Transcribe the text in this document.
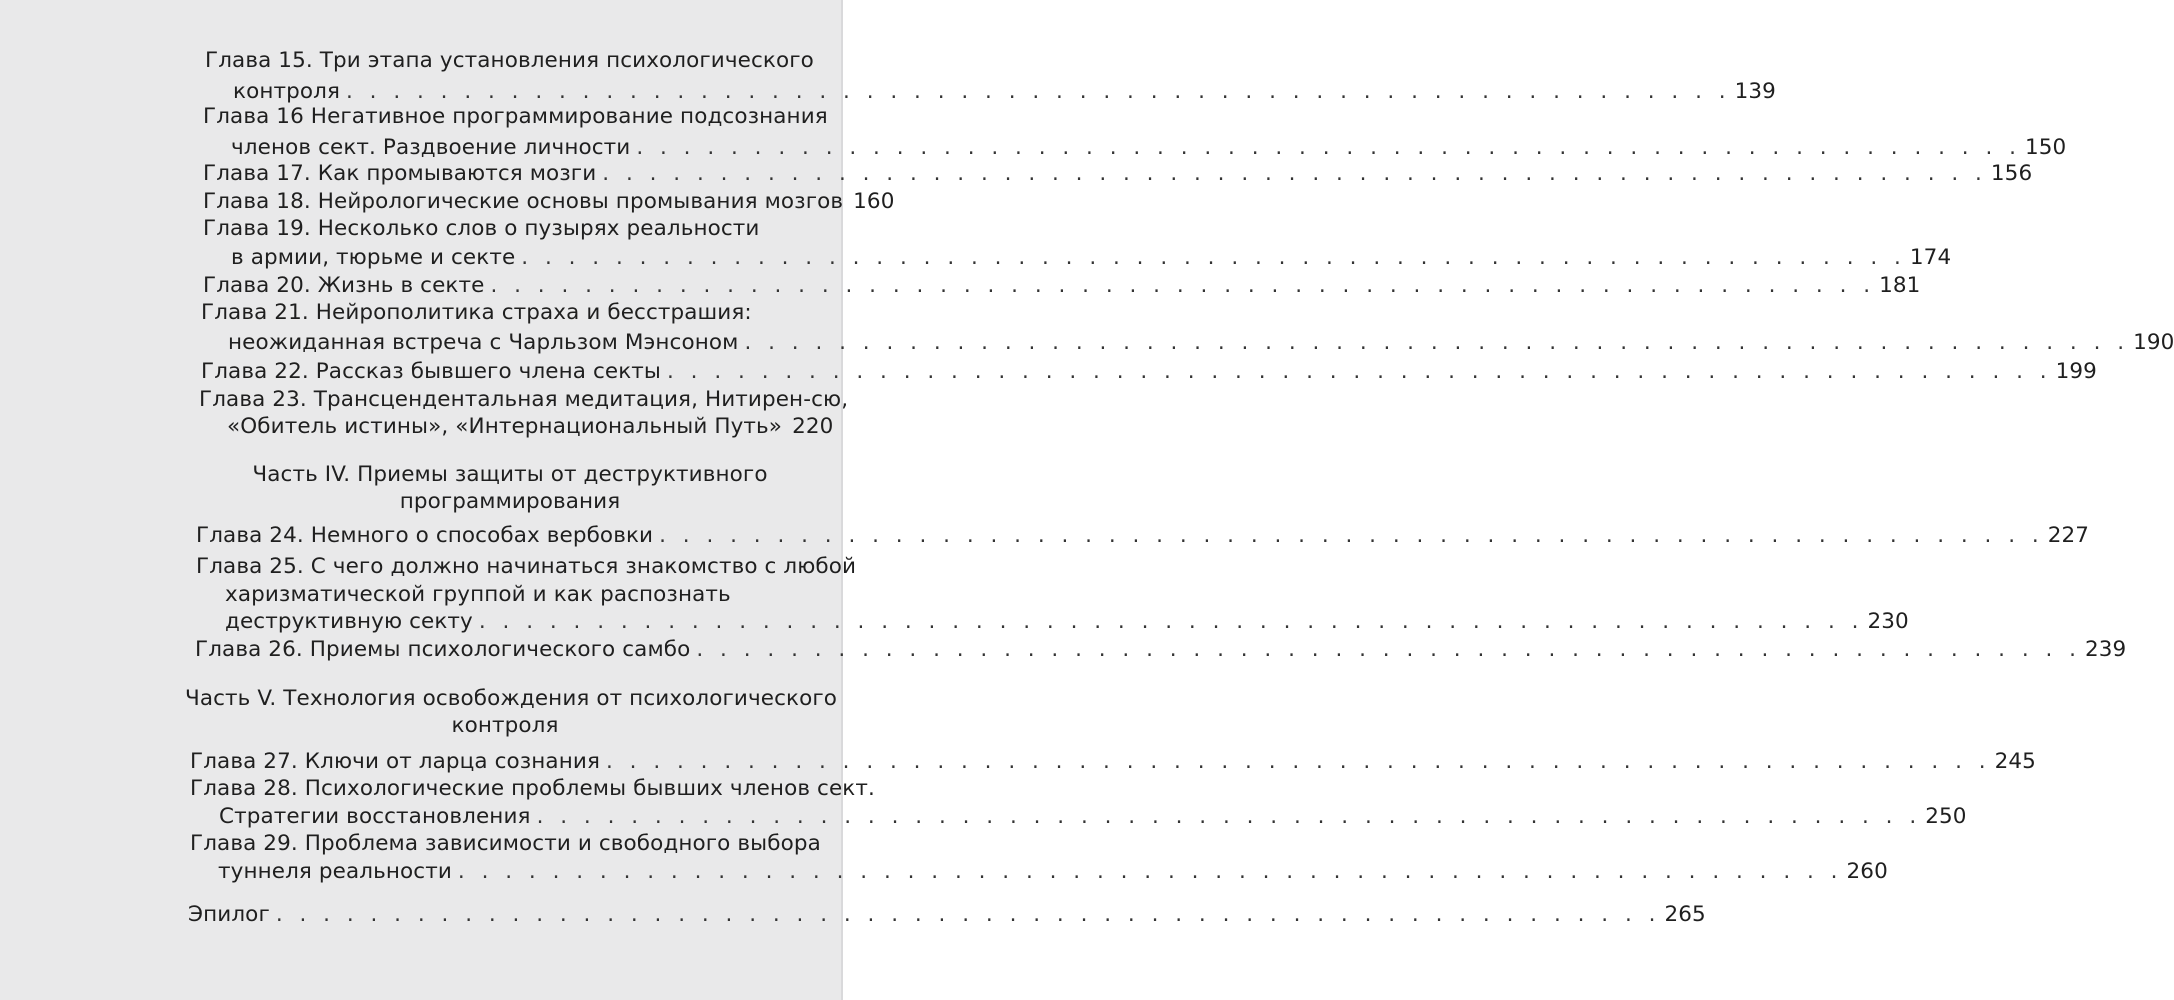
Глава 15. Три этапа установления психологического
контроля . . . . . . . . . . . . . . . . . . . . . . . . . . . . . . . . . . . . . . . . . . . . . . . . . . . . . . . . . . . 139
Глава 16 Негативное программирование подсознания
членов сект. Раздвоение личности . . . . . . . . . . . . . . . . . . . . . . . . . . . . . . . . . . . . . . . . . . . . . . . . . . . . . . . . . . . 150
Глава 17. Как промываются мозги . . . . . . . . . . . . . . . . . . . . . . . . . . . . . . . . . . . . . . . . . . . . . . . . . . . . . . . . . . . 156
Глава 18. Нейрологические основы промывания мозгов 160
Глава 19. Несколько слов о пузырях реальности
в армии, тюрьме и секте . . . . . . . . . . . . . . . . . . . . . . . . . . . . . . . . . . . . . . . . . . . . . . . . . . . . . . . . . . . 174
Глава 20. Жизнь в секте . . . . . . . . . . . . . . . . . . . . . . . . . . . . . . . . . . . . . . . . . . . . . . . . . . . . . . . . . . . 181
Глава 21. Нейрополитика страха и бесстрашия:
неожиданная встреча с Чарльзом Мэнсоном . . . . . . . . . . . . . . . . . . . . . . . . . . . . . . . . . . . . . . . . . . . . . . . . . . . . . . . . . . . 190
Глава 22. Рассказ бывшего члена секты . . . . . . . . . . . . . . . . . . . . . . . . . . . . . . . . . . . . . . . . . . . . . . . . . . . . . . . . . . . 199
Глава 23. Трансцендентальная медитация, Нитирен-сю,
«Обитель истины», «Интернациональный Путь» 220
Часть IV. Приемы защиты от деструктивного
программирования
Глава 24. Немного о способах вербовки . . . . . . . . . . . . . . . . . . . . . . . . . . . . . . . . . . . . . . . . . . . . . . . . . . . . . . . . . . . 227
Глава 25. С чего должно начинаться знакомство с любой
харизматической группой и как распознать
деструктивную секту . . . . . . . . . . . . . . . . . . . . . . . . . . . . . . . . . . . . . . . . . . . . . . . . . . . . . . . . . . . 230
Глава 26. Приемы психологического самбо . . . . . . . . . . . . . . . . . . . . . . . . . . . . . . . . . . . . . . . . . . . . . . . . . . . . . . . . . . . 239
Часть V. Технология освобождения от психологического
контроля
Глава 27. Ключи от ларца сознания . . . . . . . . . . . . . . . . . . . . . . . . . . . . . . . . . . . . . . . . . . . . . . . . . . . . . . . . . . . 245
Глава 28. Психологические проблемы бывших членов сект.
Стратегии восстановления . . . . . . . . . . . . . . . . . . . . . . . . . . . . . . . . . . . . . . . . . . . . . . . . . . . . . . . . . . . 250
Глава 29. Проблема зависимости и свободного выбора
туннеля реальности . . . . . . . . . . . . . . . . . . . . . . . . . . . . . . . . . . . . . . . . . . . . . . . . . . . . . . . . . . . 260
Эпилог . . . . . . . . . . . . . . . . . . . . . . . . . . . . . . . . . . . . . . . . . . . . . . . . . . . . . . . . . . . 265
